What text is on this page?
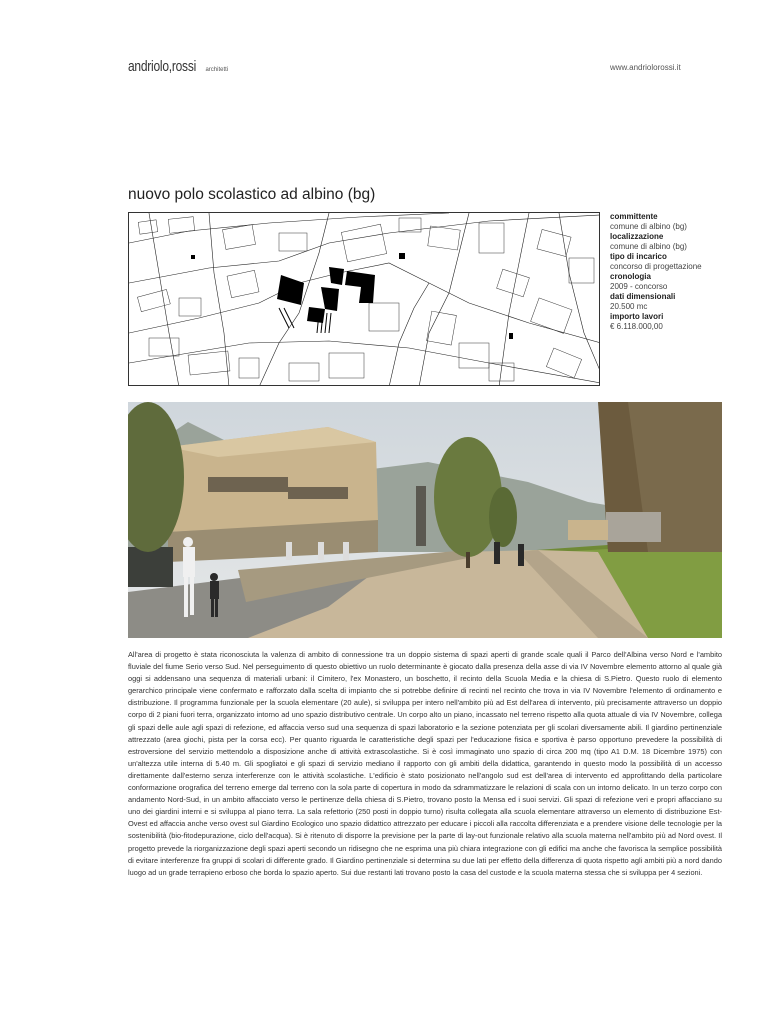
andriolo,rossi architetti	www.andriolorossi.it
nuovo polo scolastico ad albino (bg)
committente
comune di albino (bg)
localizzazione
comune di albino (bg)
tipo di incarico
concorso di progettazione
cronologia
2009 - concorso
dati dimensionali
20.500 mc
importo lavori
€ 6.118.000,00

All'area di progetto è stata riconosciuta la valenza di ambito di connessione tra un doppio sistema di spazi aperti di grande scale quali il Parco dell'Albina verso Nord e l'ambito fluviale del fiume Serio verso Sud. Nel perseguimento di questo obiettivo un ruolo determinante è giocato dalla presenza della asse di via IV Novembre elemento attorno al quale già oggi si addensano una sequenza di materiali urbani: il Cimitero, l'ex Monastero, un boschetto, il recinto della Scuola Media e la chiesa di S.Pietro. Questo ruolo di elemento gerarchico principale viene confermato e rafforzato dalla scelta di impianto che si potrebbe definire di recinti nel recinto che trova in via IV Novembre l'elemento di ordinamento e distribuzione. Il programma funzionale per la scuola elementare (20 aule), si sviluppa per intero nell'ambito più ad Est dell'area di intervento, più precisamente attraverso un doppio corpo di 2 piani fuori terra, organizzato intorno ad uno spazio distributivo centrale. Un corpo alto un piano, incassato nel terreno rispetto alla quota attuale di via IV Novembre, collega gli spazi delle aule agli spazi di refezione, ed affaccia verso sud una sequenza di spazi laboratorio e la sezione potenziata per gli scolari diversamente abili. Il giardino pertinenziale attrezzato (area giochi, pista per la corsa ecc). Per quanto riguarda le caratteristiche degli spazi per l'educazione fisica e sportiva è parso opportuno prevedere la possibilità di estroversione del servizio mettendolo a disposizione anche di attività extrascolastiche. Si è così immaginato uno spazio di circa 200 mq (tipo A1 D.M. 18 Dicembre 1975) con un'altezza utile interna di 5.40 m. Gli spogliatoi e gli spazi di servizio mediano il rapporto con gli ambiti della didattica, garantendo in questo modo la possibilità di un accesso direttamente dall'esterno senza interferenze con le attività scolastiche. L'edificio è stato posizionato nell'angolo sud est dell'area di intervento ed approfittando della particolare conformazione orografica del terreno emerge dal terreno con la sola parte di copertura in modo da sdrammatizzare le relazioni di scala con un intorno delicato. In un terzo corpo con andamento Nord-Sud, in un ambito affacciato verso le pertinenze della chiesa di S.Pietro, trovano posto la Mensa ed i suoi servizi. Gli spazi di refezione veri e propri affacciano su uno dei giardini interni e si sviluppa al piano terra. La sala refettorio (250 posti in doppio turno) risulta collegata alla scuola elementare attraverso un elemento di distribuzione Est-Ovest ed affaccia anche verso ovest sul Giardino Ecologico uno spazio didattico attrezzato per educare i piccoli alla raccolta differenziata e a prendere visione delle tecnologie per la sostenibilità (bio-fitodepurazione, ciclo dell'acqua). Si è ritenuto di disporre la previsione per la parte di lay-out funzionale relativo alla scuola materna nell'ambito più ad Nord ovest. Il progetto prevede la riorganizzazione degli spazi aperti secondo un ridisegno che ne esprima una più chiara integrazione con gli edifici ma anche che favorisca la semplice possibilità di evitare interferenze fra gruppi di scolari di differente grado. Il Giardino pertinenziale si determina su due lati per effetto della differenza di quota rispetto agli ambiti più a nord dando luogo ad un grade terrapieno erboso che borda lo spazio aperto. Sui due restanti lati trovano posto la casa del custode e la scuola materna stessa che si sviluppa per 4 sezioni.
